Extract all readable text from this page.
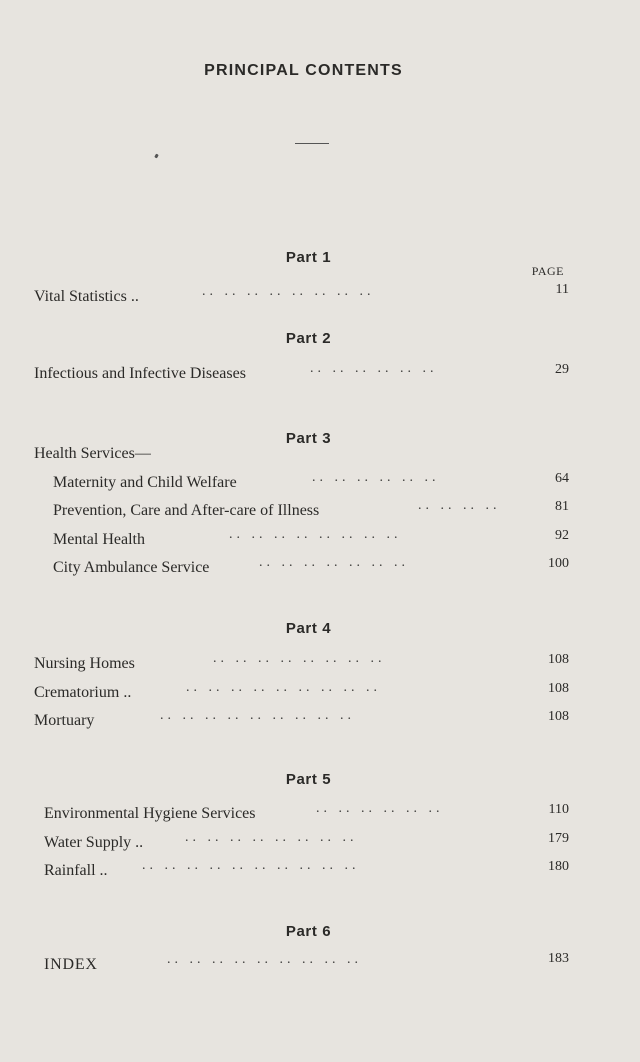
PRINCIPAL CONTENTS
Part 1
PAGE
Vital Statistics ..	.. .. .. .. .. .. .. ..	11
Part 2
Infectious and Infective Diseases	.. .. .. .. .. ..	29
Part 3
Health Services—
Maternity and Child Welfare	.. .. .. .. .. ..	64
Prevention, Care and After-care of Illness	.. .. .. ..	81
Mental Health	.. .. .. .. .. .. .. ..	92
City Ambulance Service	.. .. .. .. .. .. ..	100
Part 4
Nursing Homes	.. .. .. .. .. .. .. ..	108
Crematorium ..	.. .. .. .. .. .. .. .. ..	108
Mortuary	.. .. .. .. .. .. .. .. ..	108
Part 5
Environmental Hygiene Services	.. .. .. .. .. ..	110
Water Supply ..	.. .. .. .. .. .. .. ..	179
Rainfall .. .. .. .. .. .. .. .. .. .. ..	180
Part 6
INDEX	.. .. .. .. .. .. .. .. ..	183
